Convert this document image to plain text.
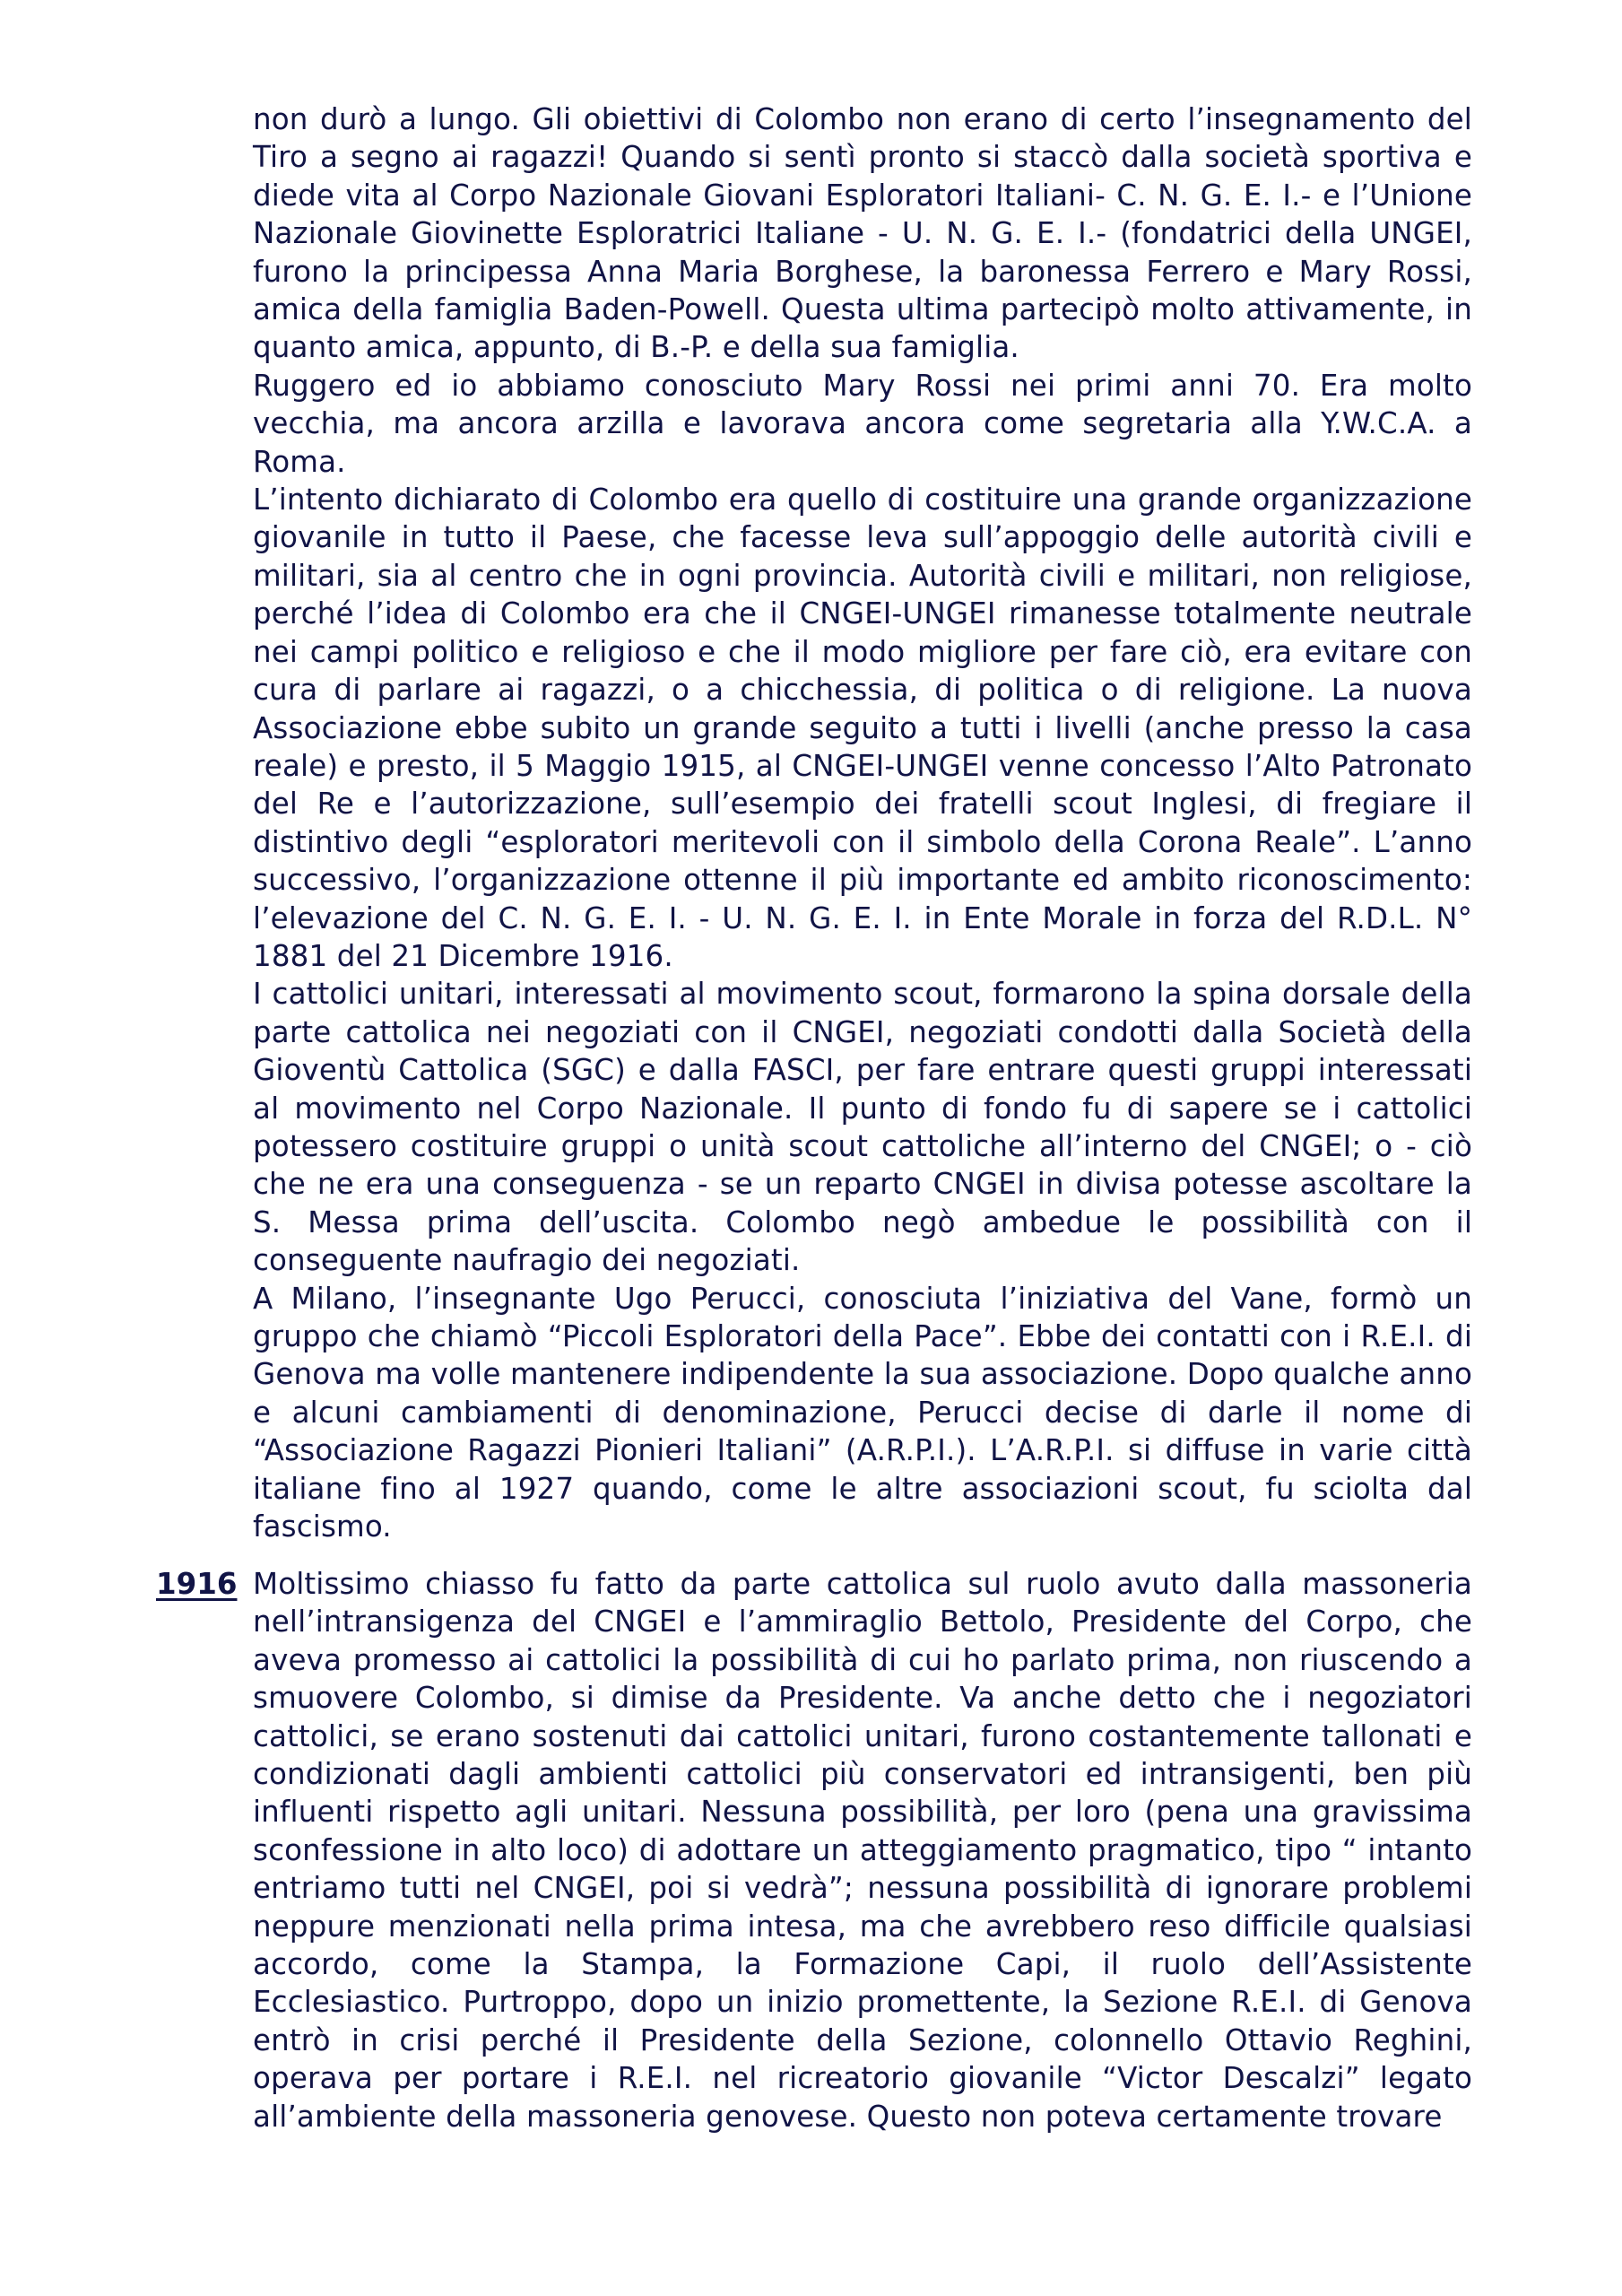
non durò a lungo. Gli obiettivi di Colombo non erano di certo l’insegnamento del Tiro a segno ai ragazzi! Quando si sentì pronto si staccò dalla società sportiva e diede vita al Corpo Nazionale Giovani Esploratori Italiani- C. N. G. E. I.- e l’Unione Nazionale Giovinette Esploratrici Italiane - U. N. G. E. I.- (fondatrici della UNGEI, furono la principessa Anna Maria Borghese, la baronessa Ferrero e Mary Rossi, amica della famiglia Baden-Powell. Questa ultima partecipò molto attivamente, in quanto amica, appunto, di B.-P. e della sua famiglia.

Ruggero ed io abbiamo conosciuto Mary Rossi nei primi anni 70. Era molto vecchia, ma ancora arzilla e lavorava ancora come segretaria alla Y.W.C.A. a Roma.

L’intento dichiarato di Colombo era quello di costituire una grande organizzazione giovanile in tutto il Paese, che facesse leva sull’appoggio delle autorità civili e militari, sia al centro che in ogni provincia. Autorità civili e militari, non religiose, perché l’idea di Colombo era che il CNGEI-UNGEI rimanesse totalmente neutrale nei campi politico e religioso e che il modo migliore per fare ciò, era evitare con cura di parlare ai ragazzi, o a chicchessia, di politica o di religione. La nuova Associazione ebbe subito un grande seguito a tutti i livelli (anche presso la casa reale) e presto, il 5 Maggio 1915, al CNGEI-UNGEI venne concesso l’Alto Patronato del Re e l’autorizzazione, sull’esempio dei fratelli scout Inglesi, di fregiare il distintivo degli “esploratori meritevoli con il simbolo della Corona Reale”. L’anno successivo, l’organizzazione ottenne il più importante ed ambito riconoscimento: l’elevazione del C. N. G. E. I. - U. N. G. E. I. in Ente Morale in forza del R.D.L. N° 1881 del 21 Dicembre 1916.

I cattolici unitari, interessati al movimento scout, formarono la spina dorsale della parte cattolica nei negoziati con il CNGEI, negoziati condotti dalla Società della Gioventù Cattolica (SGC) e dalla FASCI, per fare entrare questi gruppi interessati al movimento nel Corpo Nazionale. Il punto di fondo fu di sapere se i cattolici potessero costituire gruppi o unità scout cattoliche all’interno del CNGEI; o - ciò che ne era una conseguenza - se un reparto CNGEI in divisa potesse ascoltare la S. Messa prima dell’uscita. Colombo negò ambedue le possibilità con il conseguente naufragio dei negoziati.

A Milano, l’insegnante Ugo Perucci, conosciuta l’iniziativa del Vane, formò un gruppo che chiamò “Piccoli Esploratori della Pace”. Ebbe dei contatti con i R.E.I. di Genova ma volle mantenere indipendente la sua associazione. Dopo qualche anno e alcuni cambiamenti di denominazione, Perucci decise di darle il nome di “Associazione Ragazzi Pionieri Italiani” (A.R.P.I.). L’A.R.P.I. si diffuse in varie città italiane fino al 1927 quando, come le altre associazioni scout, fu sciolta dal fascismo.

1916 Moltissimo chiasso fu fatto da parte cattolica sul ruolo avuto dalla massoneria nell’intransigenza del CNGEI e l’ammiraglio Bettolo, Presidente del Corpo, che aveva promesso ai cattolici la possibilità di cui ho parlato prima, non riuscendo a smuovere Colombo, si dimise da Presidente. Va anche detto che i negoziatori cattolici, se erano sostenuti dai cattolici unitari, furono costantemente tallonati e condizionati dagli ambienti cattolici più conservatori ed intransigenti, ben più influenti rispetto agli unitari. Nessuna possibilità, per loro (pena una gravissima sconfessione in alto loco) di adottare un atteggiamento pragmatico, tipo “ intanto entriamo tutti nel CNGEI, poi si vedrà”; nessuna possibilità di ignorare problemi neppure menzionati nella prima intesa, ma che avrebbero reso difficile qualsiasi accordo, come la Stampa, la Formazione Capi, il ruolo dell’Assistente Ecclesiastico. Purtroppo, dopo un inizio promettente, la Sezione R.E.I. di Genova entrò in crisi perché il Presidente della Sezione, colonnello Ottavio Reghini, operava per portare i R.E.I. nel ricreatorio giovanile “Victor Descalzi” legato all’ambiente della massoneria genovese. Questo non poteva certamente trovare
